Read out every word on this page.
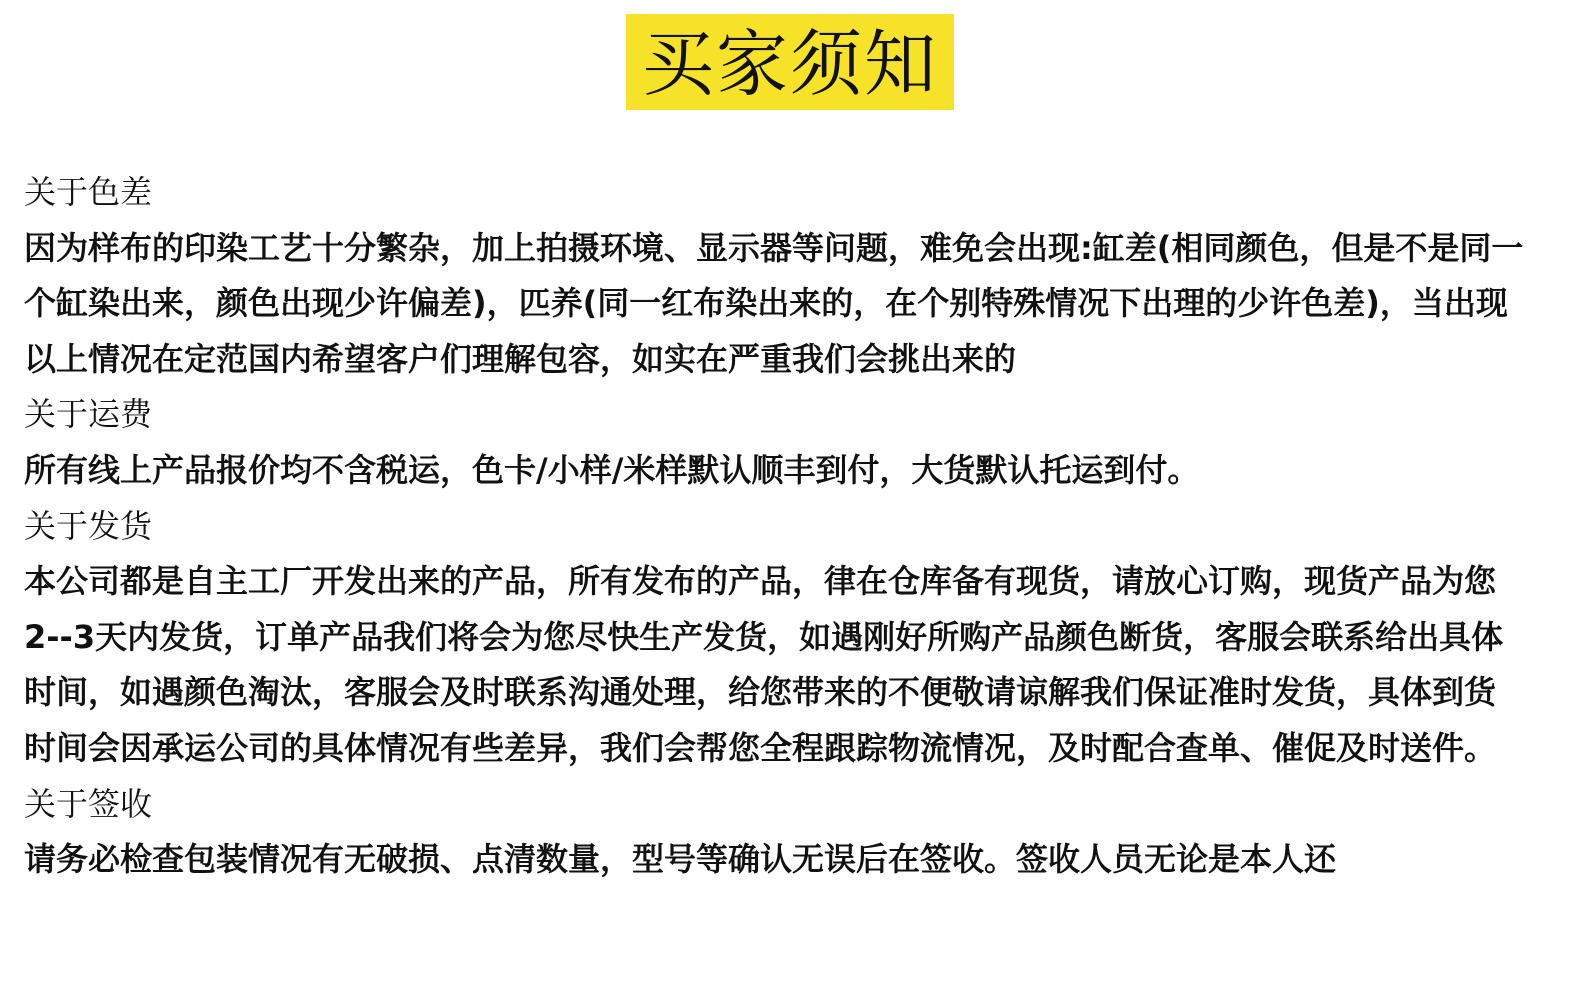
买家须知

关于色差

因为样布的印染工艺十分繁杂，加上拍摄环境、显示器等问题，难免会出现:缸差(相同颜色，但是不是同一个缸染出来，颜色出现少许偏差)，匹养(同一红布染出来的，在个别特殊情况下出理的少许色差)，当出现以上情况在定范国内希望客户们理解包容，如实在严重我们会挑出来的

关于运费

所有线上产品报价均不含税运，色卡/小样/米样默认顺丰到付，大货默认托运到付。

关于发货

本公司都是自主工厂开发出来的产品，所有发布的产品，律在仓库备有现货，请放心订购，现货产品为您2--3天内发货，订单产品我们将会为您尽快生产发货，如遇刚好所购产品颜色断货，客服会联系给出具体时间，如遇颜色淘汰，客服会及时联系沟通处理，给您带来的不便敬请谅解我们保证准时发货，具体到货时间会因承运公司的具体情况有些差异，我们会帮您全程跟踪物流情况，及时配合查单、催促及时送件。

关于签收

请务必检查包装情况有无破损、点清数量，型号等确认无误后在签收。签收人员无论是本人还
